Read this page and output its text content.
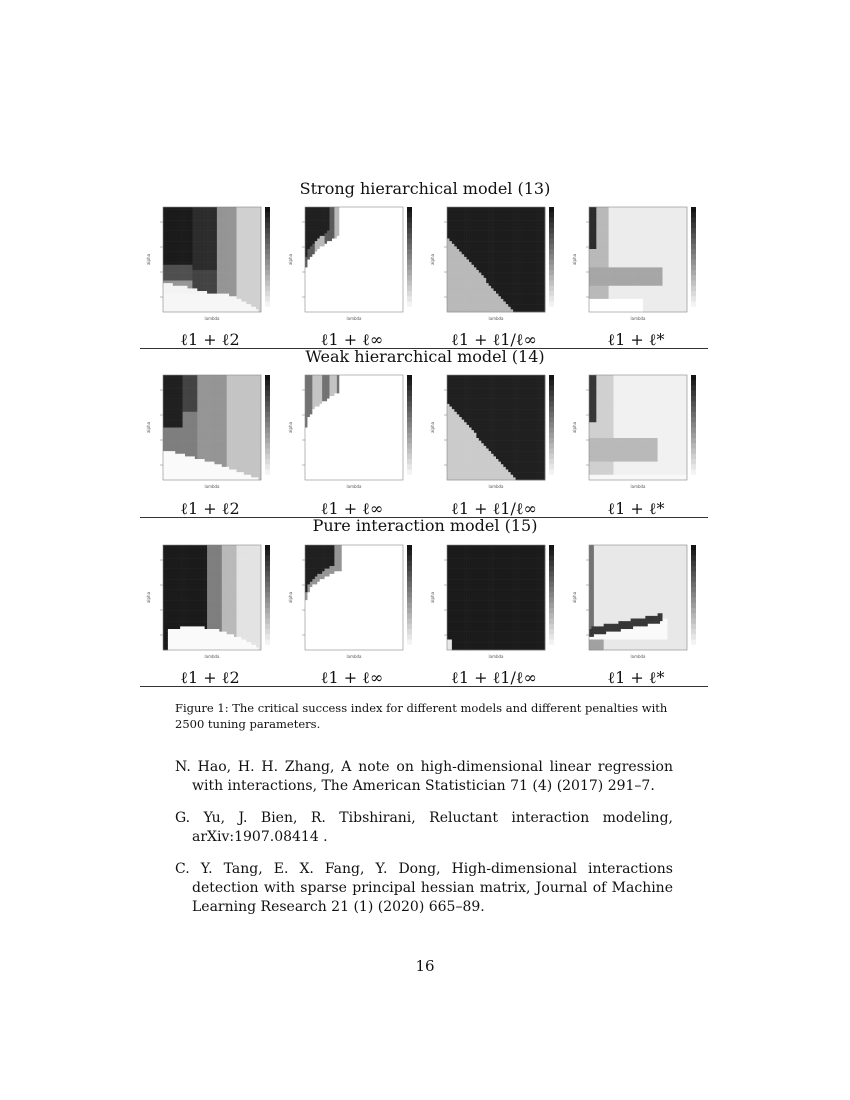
Strong hierarchical model (13)
Weak hierarchical model (14)
Pure interaction model (15)
lambda
alpha
lambda
alpha
lambda
alpha
lambda
alpha
lambda
alpha
lambda
alpha
lambda
alpha
lambda
alpha
lambda
alpha
lambda
alpha
lambda
alpha
lambda
alpha
ℓ1 + ℓ2	ℓ1 + ℓ∞	ℓ1 + ℓ1/ℓ∞	ℓ1 + ℓ*
ℓ1 + ℓ2	ℓ1 + ℓ∞	ℓ1 + ℓ1/ℓ∞	ℓ1 + ℓ*
ℓ1 + ℓ2	ℓ1 + ℓ∞	ℓ1 + ℓ1/ℓ∞	ℓ1 + ℓ*
Figure 1: The critical success index for different models and different penalties with 2500 tuning parameters.

N. Hao, H. H. Zhang, A note on high-dimensional linear regression with interactions, The American Statistician 71 (4) (2017) 291–7.

G. Yu, J. Bien, R. Tibshirani, Reluctant interaction modeling, arXiv:1907.08414 .

C. Y. Tang, E. X. Fang, Y. Dong, High-dimensional interactions detection with sparse principal hessian matrix, Journal of Machine Learning Research 21 (1) (2020) 665–89.

16
